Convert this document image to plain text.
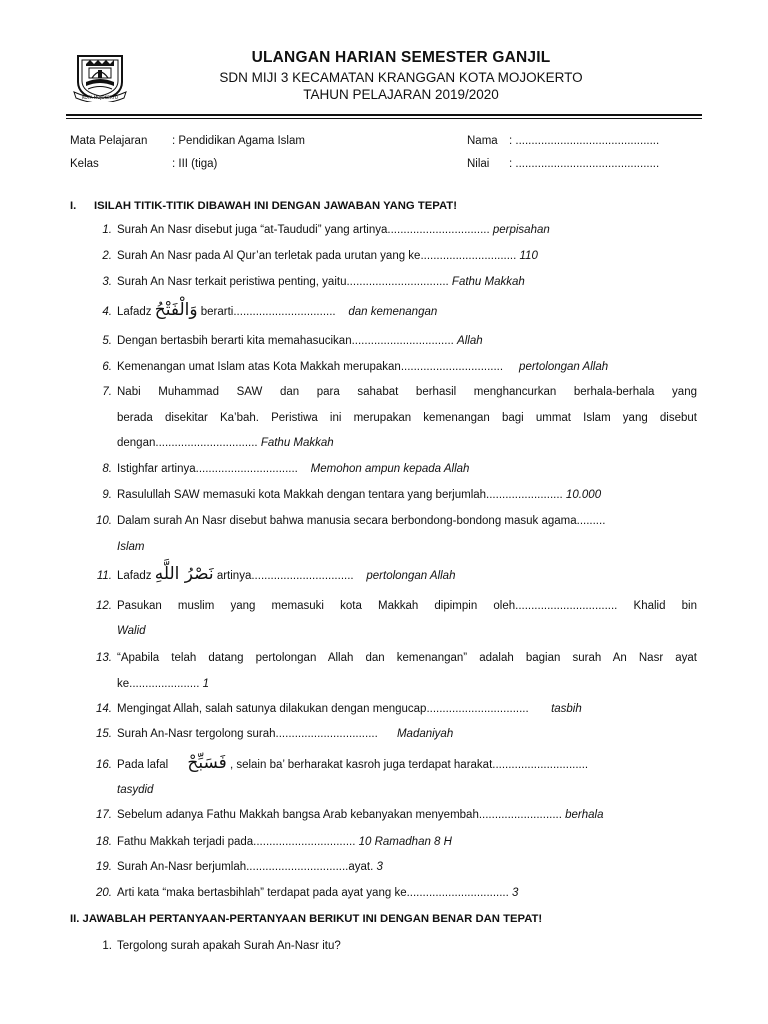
KOTA MOJOKERTO
ULANGAN HARIAN SEMESTER GANJIL
SDN MIJI 3 KECAMATAN KRANGGAN KOTA MOJOKERTO
TAHUN PELAJARAN 2019/2020
Mata Pelajaran : Pendidikan Agama Islam
Kelas	: III (tiga)
Nama : .............................................
Nilai : .............................................
I. ISILAH TITIK-TITIK DIBAWAH INI DENGAN JAWABAN YANG TEPAT!
1. Surah An Nasr disebut juga “at-Taududi” yang artinya................................ perpisahan
2. Surah An Nasr pada Al Qur’an terletak pada urutan yang ke.............................. 110
3. Surah An Nasr terkait peristiwa penting, yaitu................................ Fathu Makkah
4. Lafadz وَالْفَتْحُ berarti................................    dan kemenangan
5. Dengan bertasbih berarti kita memahasucikan................................ Allah
6. Kemenangan umat Islam atas Kota Makkah merupakan................................     pertolongan Allah
7. Nabi Muhammad SAW dan para sahabat berhasil menghancurkan berhala-berhala yang
berada disekitar Ka’bah. Peristiwa ini merupakan kemenangan bagi ummat Islam yang disebut
dengan................................ Fathu Makkah
8. Istighfar artinya................................    Memohon ampun kepada Allah
9. Rasulullah SAW memasuki kota Makkah dengan tentara yang berjumlah........................ 10.000
10. Dalam surah An Nasr disebut bahwa manusia secara berbondong-bondong masuk agama.........
Islam
11. Lafadz نَصْرُ اللَّهِ artinya................................    pertolongan Allah
12. Pasukan muslim yang memasuki kota Makkah dipimpin oleh................................ Khalid bin
Walid
13. “Apabila telah datang pertolongan Allah dan kemenangan” adalah bagian surah An Nasr ayat
ke...................... 1
14. Mengingat Allah, salah satunya dilakukan dengan mengucap................................       tasbih
15. Surah An-Nasr tergolong surah................................      Madaniyah
16. Pada lafal      فَسَبِّحْ , selain ba’ berharakat kasroh juga terdapat harakat..............................
tasydid
17. Sebelum adanya Fathu Makkah bangsa Arab kebanyakan menyembah.......................... berhala
18. Fathu Makkah terjadi pada................................ 10 Ramadhan 8 H
19. Surah An-Nasr berjumlah................................ayat. 3
20. Arti kata “maka bertasbihlah” terdapat pada ayat yang ke................................ 3
II. JAWABLAH PERTANYAAN-PERTANYAAN BERIKUT INI DENGAN BENAR DAN TEPAT!
1. Tergolong surah apakah Surah An-Nasr itu?
